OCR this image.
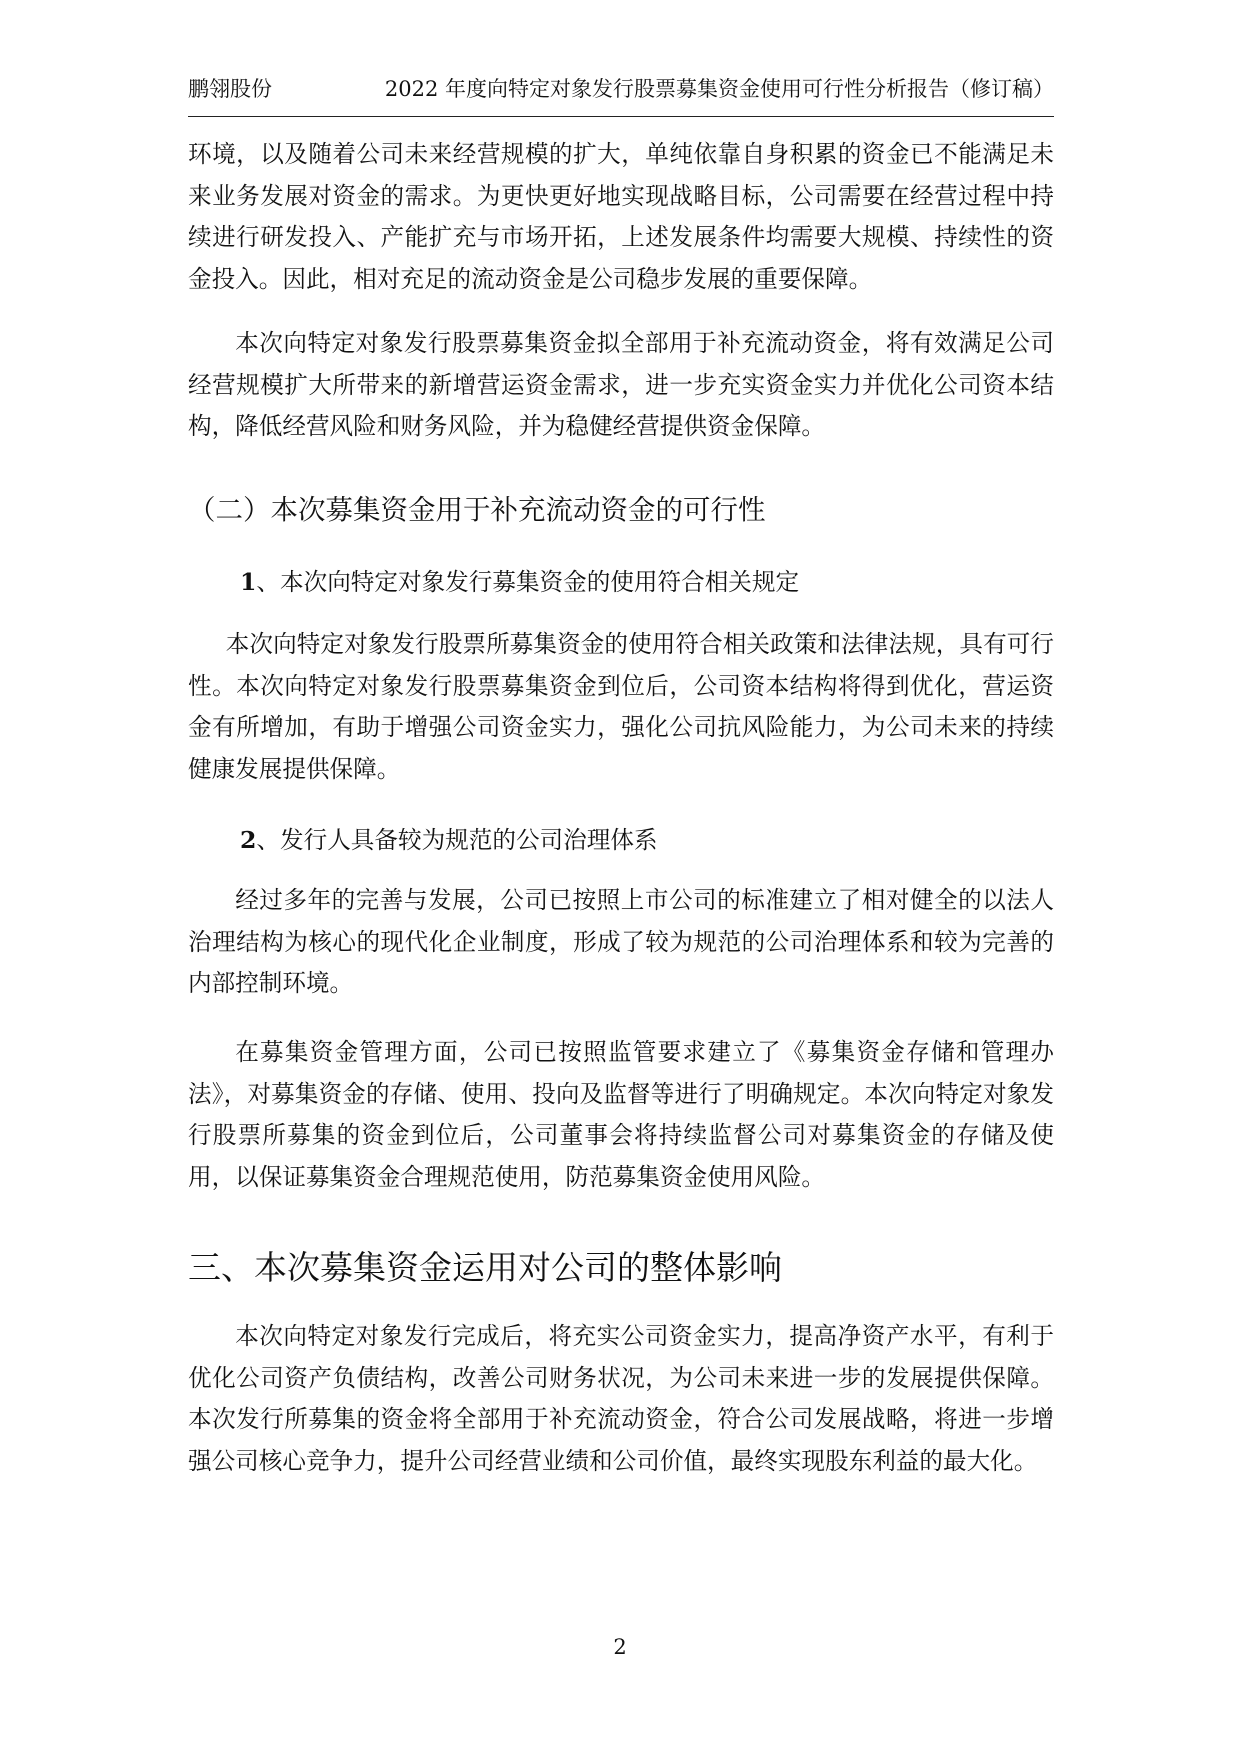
鹏翎股份	2022 年度向特定对象发行股票募集资金使用可行性分析报告（修订稿）

环境，以及随着公司未来经营规模的扩大，单纯依靠自身积累的资金已不能满足未来业务发展对资金的需求。为更快更好地实现战略目标，公司需要在经营过程中持续进行研发投入、产能扩充与市场开拓，上述发展条件均需要大规模、持续性的资金投入。因此，相对充足的流动资金是公司稳步发展的重要保障。

本次向特定对象发行股票募集资金拟全部用于补充流动资金，将有效满足公司经营规模扩大所带来的新增营运资金需求，进一步充实资金实力并优化公司资本结构，降低经营风险和财务风险，并为稳健经营提供资金保障。

（二）本次募集资金用于补充流动资金的可行性
1、本次向特定对象发行募集资金的使用符合相关规定

本次向特定对象发行股票所募集资金的使用符合相关政策和法律法规，具有可行性。本次向特定对象发行股票募集资金到位后，公司资本结构将得到优化，营运资金有所增加，有助于增强公司资金实力，强化公司抗风险能力，为公司未来的持续健康发展提供保障。

2、发行人具备较为规范的公司治理体系

经过多年的完善与发展，公司已按照上市公司的标准建立了相对健全的以法人治理结构为核心的现代化企业制度，形成了较为规范的公司治理体系和较为完善的内部控制环境。

在募集资金管理方面，公司已按照监管要求建立了《募集资金存储和管理办法》，对募集资金的存储、使用、投向及监督等进行了明确规定。本次向特定对象发行股票所募集的资金到位后，公司董事会将持续监督公司对募集资金的存储及使用，以保证募集资金合理规范使用，防范募集资金使用风险。

三、本次募集资金运用对公司的整体影响

本次向特定对象发行完成后，将充实公司资金实力，提高净资产水平，有利于优化公司资产负债结构，改善公司财务状况，为公司未来进一步的发展提供保障。本次发行所募集的资金将全部用于补充流动资金，符合公司发展战略，将进一步增强公司核心竞争力，提升公司经营业绩和公司价值，最终实现股东利益的最大化。

2
